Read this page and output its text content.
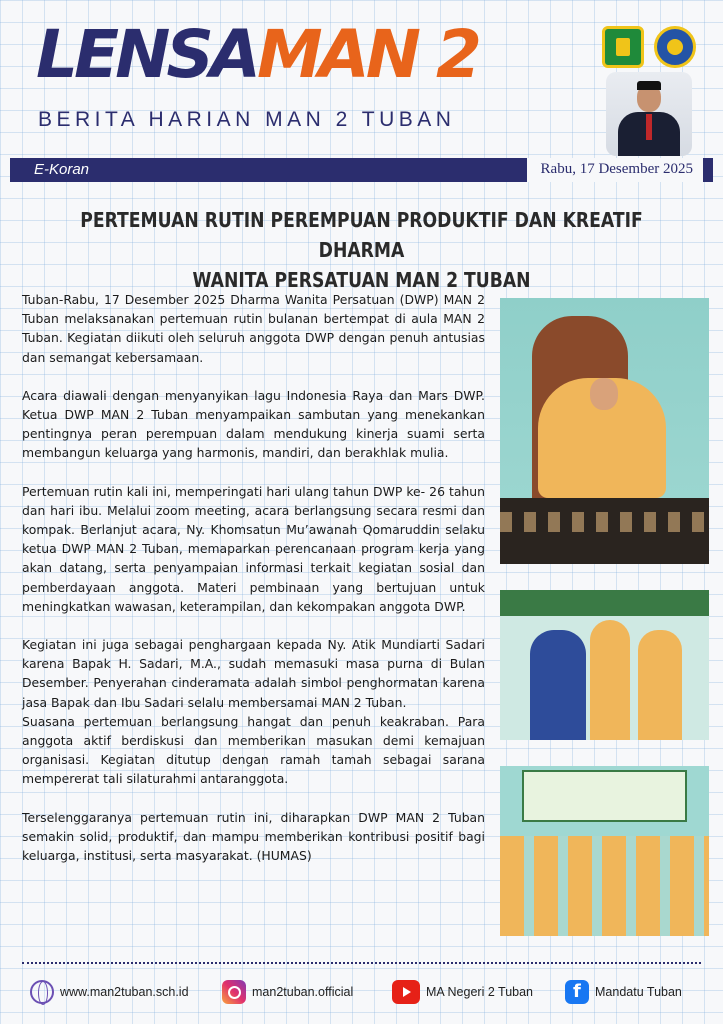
LENSAMAN 2
BERITA HARIAN MAN 2 TUBAN
E-Koran	Rabu, 17 Desember 2025
PERTEMUAN RUTIN PEREMPUAN PRODUKTIF DAN KREATIF DHARMA
WANITA PERSATUAN MAN 2 TUBAN

Tuban-Rabu, 17 Desember 2025 Dharma Wanita Persatuan (DWP) MAN 2 Tuban melaksanakan pertemuan rutin bulanan bertempat di aula MAN 2 Tuban. Kegiatan diikuti oleh seluruh anggota DWP dengan penuh antusias dan semangat kebersamaan.

Acara diawali dengan menyanyikan lagu Indonesia Raya dan Mars DWP. Ketua DWP MAN 2 Tuban menyampaikan sambutan yang menekankan pentingnya peran perempuan dalam mendukung kinerja suami serta membangun keluarga yang harmonis, mandiri, dan berakhlak mulia.

Pertemuan rutin kali ini, memperingati hari ulang tahun DWP ke- 26 tahun dan hari ibu. Melalui zoom meeting, acara berlangsung secara resmi dan kompak. Berlanjut acara, Ny. Khomsatun Mu’awanah Qomaruddin selaku ketua DWP MAN 2 Tuban, memaparkan perencanaan program kerja yang akan datang, serta penyampaian informasi terkait kegiatan sosial dan pemberdayaan anggota. Materi pembinaan yang bertujuan untuk meningkatkan wawasan, keterampilan, dan kekompakan anggota DWP.

Kegiatan ini juga sebagai penghargaan kepada Ny. Atik Mundiarti Sadari karena Bapak H. Sadari, M.A., sudah memasuki masa purna di Bulan Desember. Penyerahan cinderamata adalah simbol penghormatan karena jasa Bapak dan Ibu Sadari selalu membersamai MAN 2 Tuban.

Suasana pertemuan berlangsung hangat dan penuh keakraban. Para anggota aktif berdiskusi dan memberikan masukan demi kemajuan organisasi. Kegiatan ditutup dengan ramah tamah sebagai sarana mempererat tali silaturahmi antaranggota.

Terselenggaranya pertemuan rutin ini, diharapkan DWP MAN 2 Tuban semakin solid, produktif, dan mampu memberikan kontribusi positif bagi keluarga, institusi, serta masyarakat. (HUMAS)

www.man2tuban.sch.id	man2tuban.official	MA Negeri 2 Tuban
f	Mandatu Tuban
